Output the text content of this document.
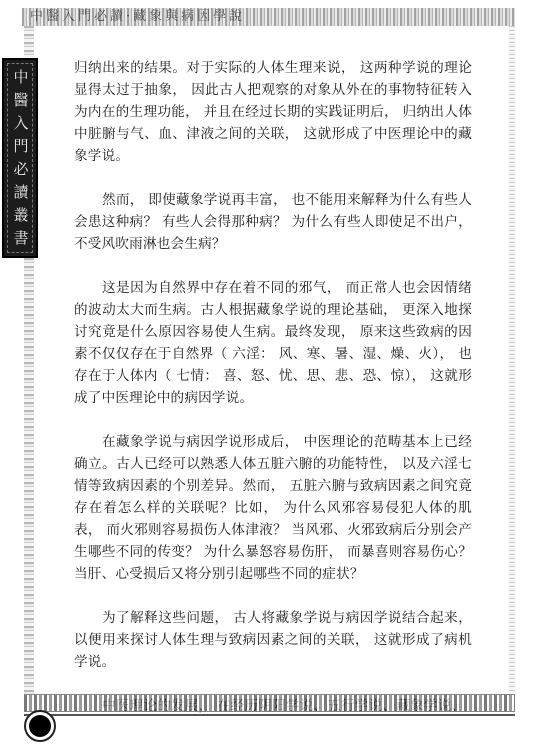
中醫入門必讀·藏象與病因學說
中
醫
入
門
必
讀
叢
書

归纳出来的结果。对于实际的人体生理来说， 这两种学说的理论显得太过于抽象， 因此古人把观察的对象从外在的事物特征转入为内在的生理功能， 并且在经过长期的实践证明后， 归纳出人体中脏腑与气、血、津液之间的关联， 这就形成了中医理论中的藏象学说。

然而， 即使藏象学说再丰富， 也不能用来解释为什么有些人会患这种病？ 有些人会得那种病？ 为什么有些人即使足不出户， 不受风吹雨淋也会生病？

这是因为自然界中存在着不同的邪气， 而正常人也会因情绪的波动太大而生病。古人根据藏象学说的理论基础， 更深入地探讨究竟是什么原因容易使人生病。最终发现， 原来这些致病的因素不仅仅存在于自然界（ 六淫： 风、寒、暑、湿、燥、火）， 也存在于人体内（ 七情： 喜、怒、忧、思、悲、恐、惊）， 这就形成了中医理论中的病因学说。

在藏象学说与病因学说形成后， 中医理论的范畴基本上已经确立。古人已经可以熟悉人体五脏六腑的功能特性， 以及六淫七情等致病因素的个别差异。然而， 五脏六腑与致病因素之间究竟存在着怎么样的关联呢？比如， 为什么风邪容易侵犯人体的肌表， 而火邪则容易损伤人体津液？ 当风邪、火邪致病后分别会产生哪些不同的传变？ 为什么暴怒容易伤肝， 而暴喜则容易伤心？当肝、心受损后又将分别引起哪些不同的症状？

为了解释这些问题， 古人将藏象学说与病因学说结合起来， 以便用来探讨人体生理与致病因素之间的关联， 这就形成了病机学说。
